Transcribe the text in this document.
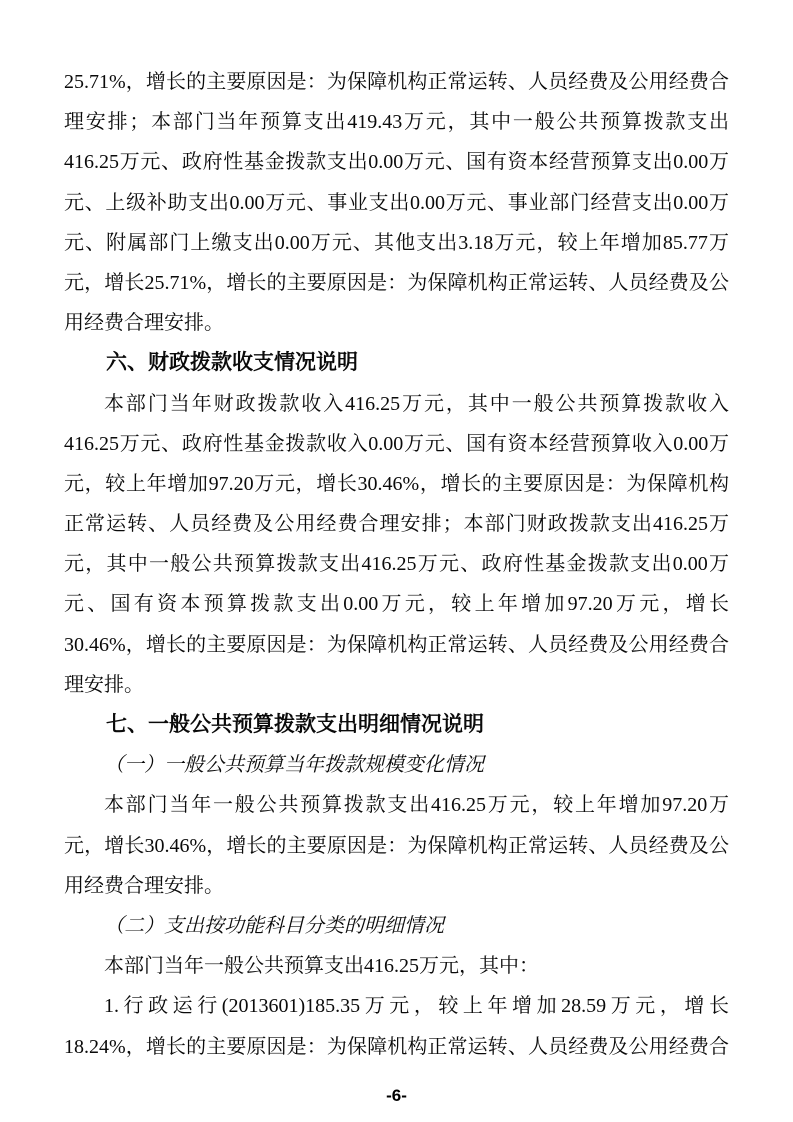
25.71%，增长的主要原因是：为保障机构正常运转、人员经费及公用经费合
理安排；本部门当年预算支出419.43万元，其中一般公共预算拨款支出
416.25万元、政府性基金拨款支出0.00万元、国有资本经营预算支出0.00万
元、上级补助支出0.00万元、事业支出0.00万元、事业部门经营支出0.00万
元、附属部门上缴支出0.00万元、其他支出3.18万元，较上年增加85.77万
元，增长25.71%，增长的主要原因是：为保障机构正常运转、人员经费及公
用经费合理安排。
六、财政拨款收支情况说明
本部门当年财政拨款收入416.25万元，其中一般公共预算拨款收入
416.25万元、政府性基金拨款收入0.00万元、国有资本经营预算收入0.00万
元，较上年增加97.20万元，增长30.46%，增长的主要原因是：为保障机构
正常运转、人员经费及公用经费合理安排；本部门财政拨款支出416.25万
元，其中一般公共预算拨款支出416.25万元、政府性基金拨款支出0.00万
元、国有资本预算拨款支出0.00万元，较上年增加97.20万元，增长
30.46%，增长的主要原因是：为保障机构正常运转、人员经费及公用经费合
理安排。
七、一般公共预算拨款支出明细情况说明
（一）一般公共预算当年拨款规模变化情况
本部门当年一般公共预算拨款支出416.25万元，较上年增加97.20万
元，增长30.46%，增长的主要原因是：为保障机构正常运转、人员经费及公
用经费合理安排。
（二）支出按功能科目分类的明细情况
本部门当年一般公共预算支出416.25万元，其中：
1.行政运行(2013601)185.35万元，较上年增加28.59万元，增长
18.24%，增长的主要原因是：为保障机构正常运转、人员经费及公用经费合
-6-
